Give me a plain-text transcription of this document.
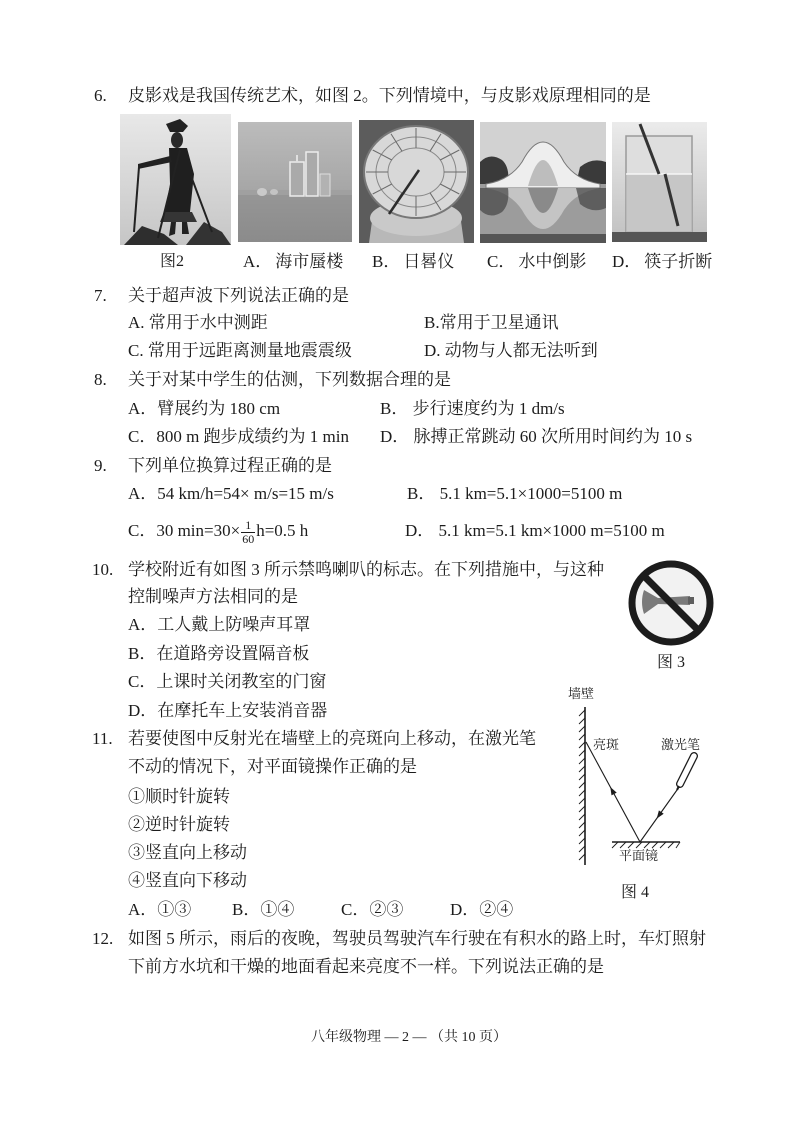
6. 皮影戏是我国传统艺术，如图 2。下列情境中，与皮影戏原理相同的是
图2	A． 海市蜃楼 B． 日晷仪 C． 水中倒影 D． 筷子折断
7. 关于超声波下列说法正确的是
A. 常用于水中测距	B.常用于卫星通讯
C. 常用于远距离测量地震震级	D. 动物与人都无法听到
8. 关于对某中学生的估测，下列数据合理的是
A．臂展约为 180 cm	B． 步行速度约为 1 dm/s
C．800 m 跑步成绩约为 1 min D． 脉搏正常跳动 60 次所用时间约为 10 s
9. 下列单位换算过程正确的是
A．54 km/h=54× m/s=15 m/s	B． 5.1 km=5.1×1000=5100 m
C．30 $\min=30\times \frac{1}{60} h=0.5$ h	D． 5.1 km=5.1 km×1000 m=5100 m
10. 学校附近有如图 3 所示禁鸣喇叭的标志。在下列措施中，与这种
控制噪声方法相同的是
A．工人戴上防噪声耳罩
B．在道路旁设置隔音板
C．上课时关闭教室的门窗
D．在摩托车上安装消音器
图 3
11. 若要使图中反射光在墙壁上的亮斑向上移动，在激光笔
不动的情况下，对平面镜操作正确的是
①顺时针旋转
②逆时针旋转
③竖直向上移动
④竖直向下移动
A．①③ B．①④	C．②③	D．②④
墙壁
亮斑	激光笔
平面镜
图 4
12. 如图 5 所示，雨后的夜晚，驾驶员驾驶汽车行驶在有积水的路上时，车灯照射
下前方水坑和干燥的地面看起来亮度不一样。下列说法正确的是
八年级物理 — 2 — （共 10 页）
